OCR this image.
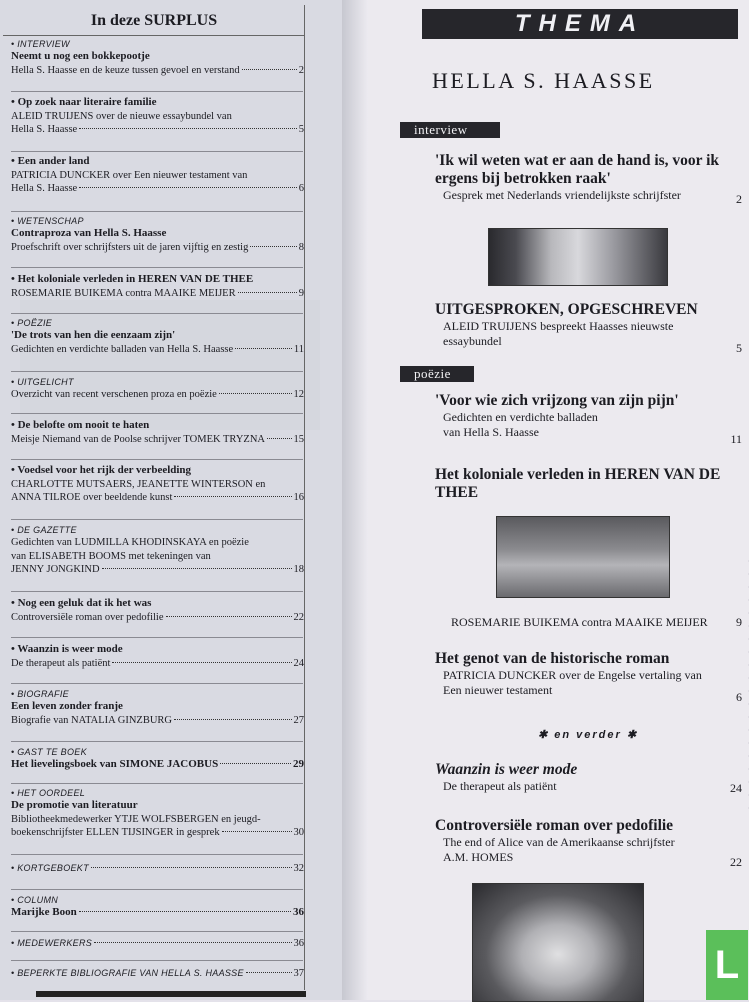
In deze SURPLUS
• INTERVIEW
Neemt u nog een bokkepootje
Hella S. Haasse en de keuze tussen gevoel en verstand	2
• Op zoek naar literaire familie
ALEID TRUIJENS over de nieuwe essaybundel van
Hella S. Haasse	5
• Een ander land
PATRICIA DUNCKER over Een nieuwer testament van
Hella S. Haasse	6
• WETENSCHAP
Contraproza van Hella S. Haasse
Proefschrift over schrijfsters uit de jaren vijftig en zestig	8
• Het koloniale verleden in HEREN VAN DE THEE
ROSEMARIE BUIKEMA contra MAAIKE MEIJER	9
• POËZIE
'De trots van hen die eenzaam zijn'
Gedichten en verdichte balladen van Hella S. Haasse	11
• UITGELICHT
Overzicht van recent verschenen proza en poëzie	12
• De belofte om nooit te haten
Meisje Niemand van de Poolse schrijver TOMEK TRYZNA	15
• Voedsel voor het rijk der verbeelding
CHARLOTTE MUTSAERS, JEANETTE WINTERSON en
ANNA TILROE over beeldende kunst	16
• DE GAZETTE
Gedichten van LUDMILLA KHODINSKAYA en poëzie
van ELISABETH BOOMS met tekeningen van
JENNY JONGKIND	18
• Nog een geluk dat ik het was
Controversiële roman over pedofilie	22
• Waanzin is weer mode
De therapeut als patiënt	24
• BIOGRAFIE
Een leven zonder franje
Biografie van NATALIA GINZBURG	27
• GAST TE BOEK
Het lievelingsboek van SIMONE JACOBUS	29
• HET OORDEEL
De promotie van literatuur
Bibliotheekmedewerker YTJE WOLFSBERGEN en jeugd-
boekenschrijfster ELLEN TIJSINGER in gesprek	30
• KORTGEBOEKT	32
• COLUMN
Marijke Boon	36
• MEDEWERKERS	36
• BEPERKTE BIBLIOGRAFIE VAN HELLA S. HAASSE	37
THEMA
HELLA S. HAASSE
interview
'Ik wil weten wat er aan de hand is, voor ik ergens bij betrokken raak'
Gesprek met Nederlands vriendelijkste schrijfster	2
UITGESPROKEN, OPGESCHREVEN
ALEID TRUIJENS bespreekt Haasses nieuwste essaybundel	5
poëzie
'Voor wie zich vrijzong van zijn pijn'
Gedichten en verdichte balladen van Hella S. Haasse	11
Het koloniale verleden in HEREN VAN DE THEE
ROSEMARIE BUIKEMA contra MAAIKE MEIJER	9
Het genot van de historische roman
PATRICIA DUNCKER over de Engelse vertaling van Een nieuwer testament	6
✱ en verder ✱
Waanzin is weer mode
De therapeut als patiënt	24
Controversiële roman over pedofilie
The end of Alice van de Amerikaanse schrijfster A.M. HOMES	22
L
